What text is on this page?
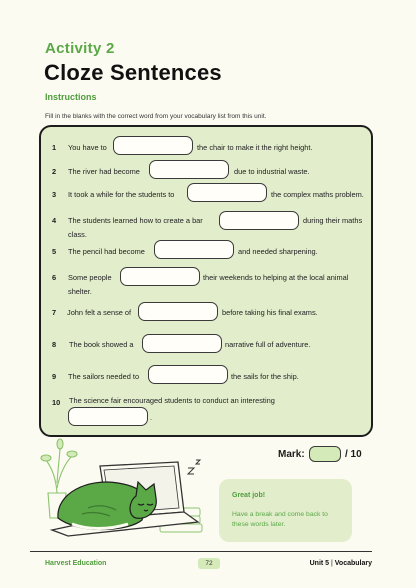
Activity 2
Cloze Sentences
Instructions
Fill in the blanks with the correct word from your vocabulary list from this unit.
1 You have to	the chair to make it the right height.
2 The river had become	due to industrial waste.
3 It took a while for the students to	the complex maths problem.
4 The students learned how to create a bar	during their maths
class.
5 The pencil had become	and needed sharpening.
6 Some people	their weekends to helping at the local animal
shelter.
7 John felt a sense of	before taking his final exams.
8 The book showed a	narrative full of adventure.
9 The sailors needed to	the sails for the ship.
10 The science fair encouraged students to conduct an interesting
.
Mark:	/ 10
Great job!
Have a break and come back to these words later.
Harvest Education	72	Unit 5 | Vocabulary
